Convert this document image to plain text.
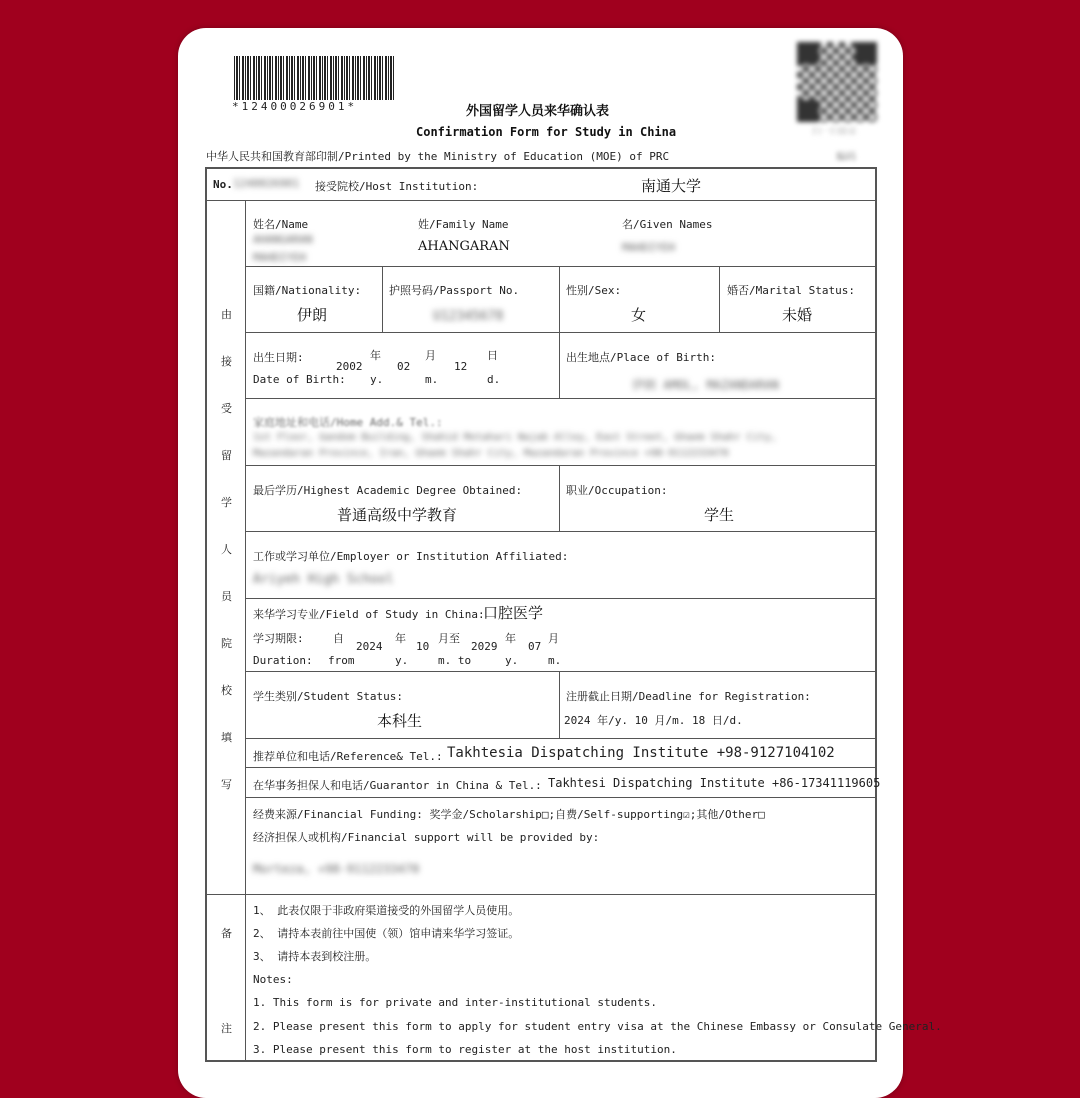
*12400026901*
扫一扫验证
编码
外国留学人员来华确认表
Confirmation Form for Study in China
中华人民共和国教育部印制/Printed by the Ministry of Education (MOE) of PRC
No. 1240026901 接受院校/Host Institution:	南通大学
由
接
受
留
学
人
员
院
校
填
写
姓名/Name
AHANGARAN
MAHDIYEH
姓/Family Name
AHANGARAN
名/Given Names
MAHDIYEH
国籍/Nationality:
伊朗
护照号码/Passport No.
U12345678
性别/Sex:
女
婚否/Marital Status:
未婚
出生日期:
Date of Birth:
2002
年
y.
02
月
m.
12
日
d.
出生地点/Place of Birth:
伊朗 AMOL, MAZANDARAN
家庭地址和电话/Home Add.& Tel.:
1st Floor, Gandom Building, Shahid Motahari Najab Alley, East Street, Ghaem Shahr City,
Mazandaran Province, Iran, Ghaem Shahr City, Mazandaran Province +98-9112233470
最后学历/Highest Academic Degree Obtained:
普通高级中学教育
职业/Occupation:
学生
工作或学习单位/Employer or Institution Affiliated:
Ariyeh High School
来华学习专业/Field of Study in China:
口腔医学
学习期限:
Duration:
自
from
2024
年
y.
10
月至
m. to
2029
年
y.
07
月
m.
学生类别/Student Status:
本科生
注册截止日期/Deadline for Registration:
2024 年/y. 10 月/m. 18 日/d.
推荐单位和电话/Reference& Tel.: Takhtesia Dispatching Institute +98-9127104102
在华事务担保人和电话/Guarantor in China & Tel.: Takhtesi Dispatching Institute +86-17341119605
经费来源/Financial Funding: 奖学金/Scholarship□;自费/Self-supporting☑;其他/Other□
经济担保人或机构/Financial support will be provided by:
Morteza, +98-9112233470
备
注
1、 此表仅限于非政府渠道接受的外国留学人员使用。
2、 请持本表前往中国使（领）馆申请来华学习签证。
3、 请持本表到校注册。
Notes:
1. This form is for private and inter-institutional students.
2. Please present this form to apply for student entry visa at the Chinese Embassy or Consulate General.
3. Please present this form to register at the host institution.
